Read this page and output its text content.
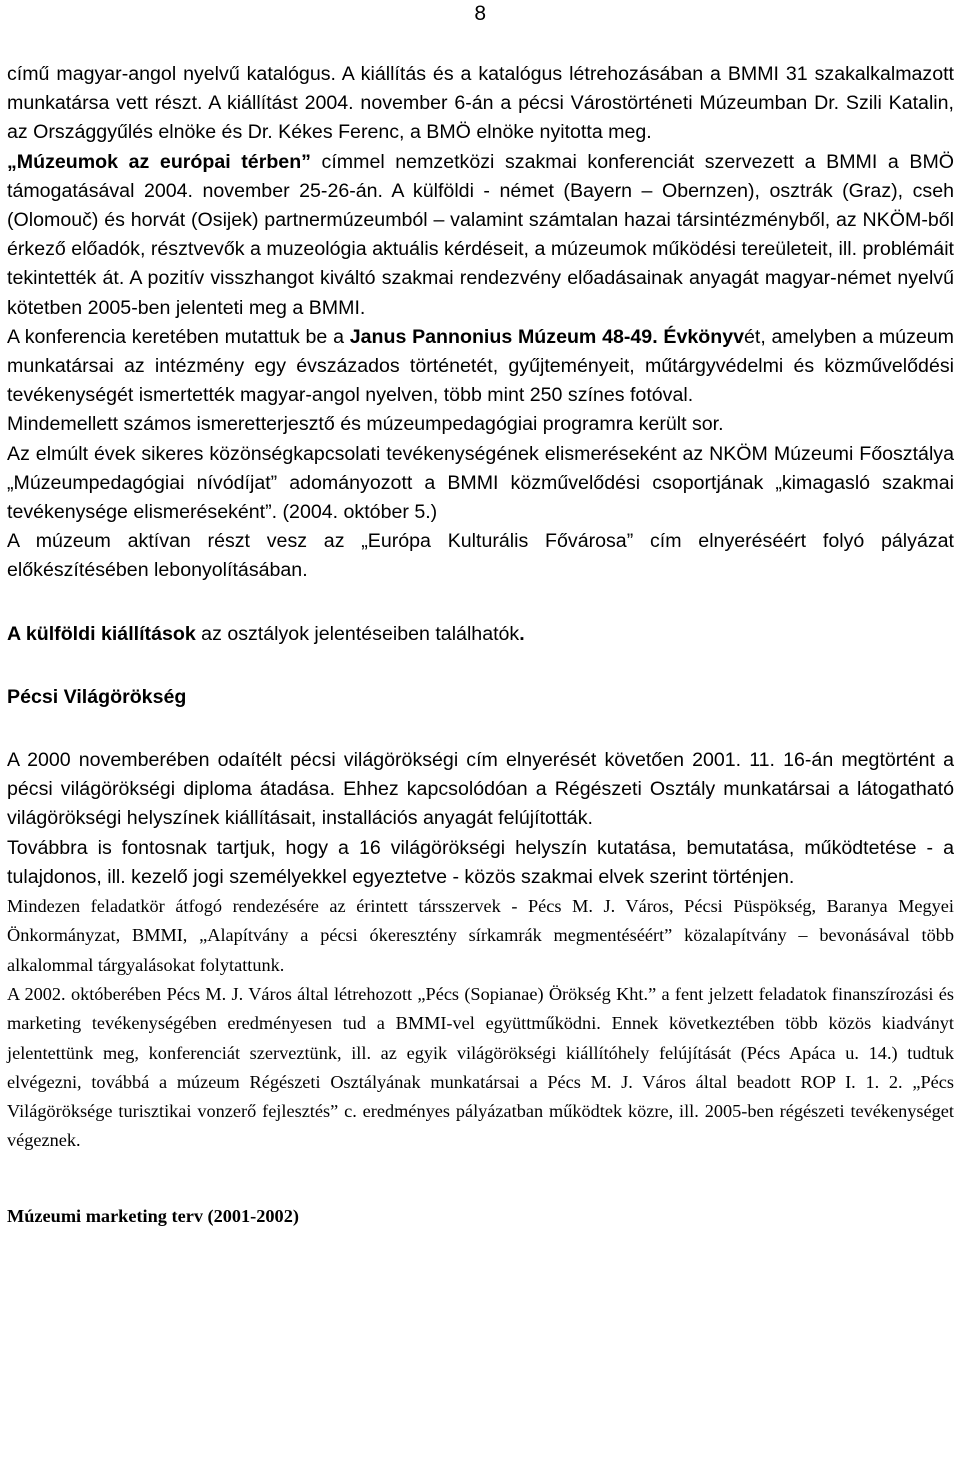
8

című magyar-angol nyelvű katalógus. A kiállítás és a katalógus létrehozásában a BMMI 31 szakalkalmazott munkatársa vett részt. A kiállítást 2004. november 6-án a pécsi Várostörténeti Múzeumban Dr. Szili Katalin, az Országgyűlés elnöke és Dr. Kékes Ferenc, a BMÖ elnöke nyitotta meg.

„Múzeumok az európai térben” címmel nemzetközi szakmai konferenciát szervezett a BMMI a BMÖ támogatásával 2004. november 25-26-án. A külföldi - német (Bayern – Obernzen), osztrák (Graz), cseh (Olomouč) és horvát (Osijek) partnermúzeumból – valamint számtalan hazai társintézményből, az NKÖM-ből érkező előadók, résztvevők a muzeológia aktuális kérdéseit, a múzeumok működési tereületeit, ill. problémáit tekintették át. A pozitív visszhangot kiváltó szakmai rendezvény előadásainak anyagát magyar-német nyelvű kötetben 2005-ben jelenteti meg a BMMI.

A konferencia keretében mutattuk be a Janus Pannonius Múzeum 48-49. Évkönyvét, amelyben a múzeum munkatársai az intézmény egy évszázados történetét, gyűjteményeit, műtárgyvédelmi és közművelődési tevékenységét ismertették magyar-angol nyelven, több mint 250 színes fotóval.

Mindemellett számos ismeretterjesztő és múzeumpedagógiai programra került sor.

Az elmúlt évek sikeres közönségkapcsolati tevékenységének elismeréseként az NKÖM Múzeumi Főosztálya „Múzeumpedagógiai nívódíjat” adományozott a BMMI közművelődési csoportjának „kimagasló szakmai tevékenysége elismeréseként”. (2004. október 5.)

A múzeum aktívan részt vesz az „Európa Kulturális Fővárosa” cím elnyeréséért folyó pályázat előkészítésében lebonyolításában.

A külföldi kiállítások az osztályok jelentéseiben találhatók.

Pécsi Világörökség

A 2000 novemberében odaítélt pécsi világörökségi cím elnyerését követően 2001. 11. 16-án megtörtént a pécsi világörökségi diploma átadása. Ehhez kapcsolódóan a Régészeti Osztály munkatársai a látogatható világörökségi helyszínek kiállításait, installációs anyagát felújították.

Továbbra is fontosnak tartjuk, hogy a 16 világörökségi helyszín kutatása, bemutatása, működtetése - a tulajdonos, ill. kezelő jogi személyekkel egyeztetve - közös szakmai elvek szerint történjen.

Mindezen feladatkör átfogó rendezésére az érintett társszervek - Pécs M. J. Város, Pécsi Püspökség, Baranya Megyei Önkormányzat, BMMI, „Alapítvány a pécsi ókeresztény sírkamrák megmentéséért” közalapítvány – bevonásával több alkalommal tárgyalásokat folytattunk.

A 2002. októberében Pécs M. J. Város által létrehozott „Pécs (Sopianae) Örökség Kht.” a fent jelzett feladatok finanszírozási és marketing tevékenységében eredményesen tud a BMMI-vel együttműködni. Ennek következtében több közös kiadványt jelentettünk meg, konferenciát szerveztünk, ill. az egyik világörökségi kiállítóhely felújítását (Pécs Apáca u. 14.) tudtuk elvégezni, továbbá a múzeum Régészeti Osztályának munkatársai a Pécs M. J. Város által beadott ROP I. 1. 2. „Pécs Világöröksége turisztikai vonzerő fejlesztés” c. eredményes pályázatban működtek közre, ill. 2005-ben régészeti tevékenységet végeznek.

Múzeumi marketing terv (2001-2002)
